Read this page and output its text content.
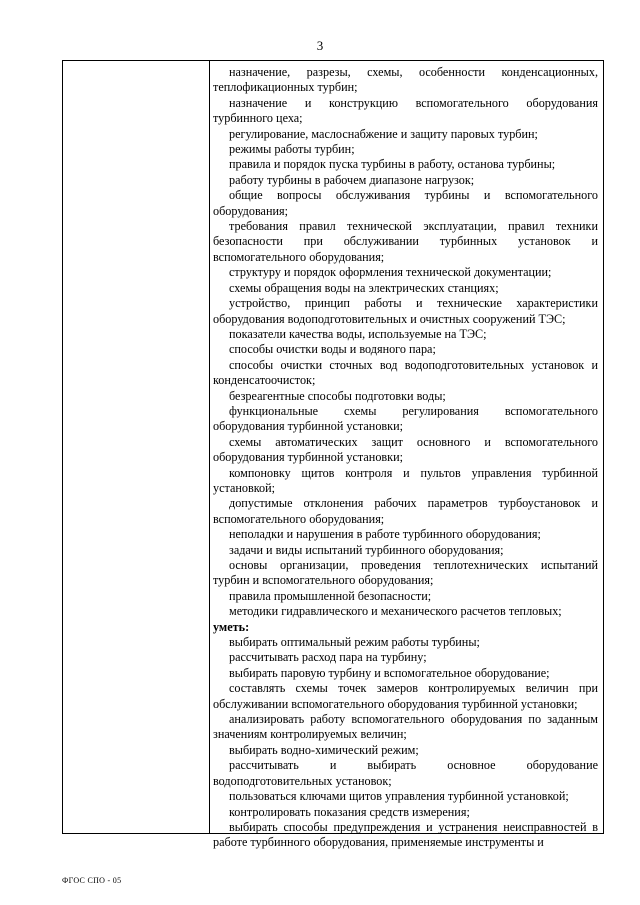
3

назначение, разрезы, схемы, особенности конденсационных, теплофикационных турбин;

назначение и конструкцию вспомогательного оборудования турбинного цеха;

регулирование, маслоснабжение и защиту паровых турбин;

режимы работы турбин;

правила и порядок пуска турбины в работу, останова турбины;

работу турбины в рабочем диапазоне нагрузок;

общие вопросы обслуживания турбины и вспомогательного оборудования;

требования правил технической эксплуатации, правил техники безопасности при обслуживании турбинных установок и вспомогательного оборудования;

структуру и порядок оформления технической документации;

схемы обращения воды на электрических станциях;

устройство, принцип работы и технические характеристики оборудования водоподготовительных и очистных сооружений ТЭС;

показатели качества воды, используемые на ТЭС;

способы очистки воды и водяного пара;

способы очистки сточных вод водоподготовительных установок и конденсатоочисток;

безреагентные способы подготовки воды;

функциональные схемы регулирования вспомогательного оборудования турбинной установки;

схемы автоматических защит основного и вспомогательного оборудования турбинной установки;

компоновку щитов контроля и пультов управления турбинной установкой;

допустимые отклонения рабочих параметров турбоустановок и вспомогательного оборудования;

неполадки и нарушения в работе турбинного оборудования;

задачи и виды испытаний турбинного оборудования;

основы организации, проведения теплотехнических испытаний турбин и вспомогательного оборудования;

правила промышленной безопасности;

методики гидравлического и механического расчетов тепловых;

уметь:

выбирать оптимальный режим работы турбины;

рассчитывать расход пара на турбину;

выбирать паровую турбину и вспомогательное оборудование;

составлять схемы точек замеров контролируемых величин при обслуживании вспомогательного оборудования турбинной установки;

анализировать работу вспомогательного оборудования по заданным значениям контролируемых величин;

выбирать водно-химический режим;

рассчитывать и выбирать основное оборудование водоподготовительных установок;

пользоваться ключами щитов управления турбинной установкой;

контролировать показания средств измерения;

выбирать способы предупреждения и устранения неисправностей в работе турбинного оборудования, применяемые инструменты и

ФГОС СПО - 05
